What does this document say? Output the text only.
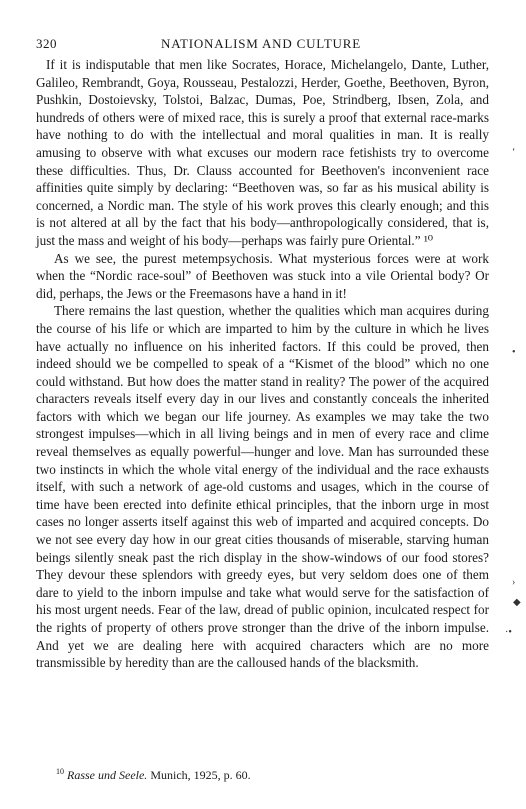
320	NATIONALISM AND CULTURE

If it is indisputable that men like Socrates, Horace, Michelangelo, Dante, Luther, Galileo, Rembrandt, Goya, Rousseau, Pestalozzi, Herder, Goethe, Beethoven, Byron, Pushkin, Dostoievsky, Tolstoi, Balzac, Dumas, Poe, Strindberg, Ibsen, Zola, and hundreds of others were of mixed race, this is surely a proof that external race-marks have nothing to do with the intellectual and moral qualities in man. It is really amusing to observe with what excuses our modern race fetishists try to overcome these difficulties. Thus, Dr. Clauss accounted for Beethoven's inconvenient race affinities quite simply by declaring: “Beethoven was, so far as his musical ability is concerned, a Nordic man. The style of his work proves this clearly enough; and this is not altered at all by the fact that his body—anthropologically considered, that is, just the mass and weight of his body—perhaps was fairly pure Oriental.” ¹⁰

As we see, the purest metempsychosis. What mysterious forces were at work when the “Nordic race-soul” of Beethoven was stuck into a vile Oriental body? Or did, perhaps, the Jews or the Freemasons have a hand in it!

There remains the last question, whether the qualities which man acquires during the course of his life or which are imparted to him by the culture in which he lives have actually no influence on his inherited factors. If this could be proved, then indeed should we be compelled to speak of a “Kismet of the blood” which no one could withstand. But how does the matter stand in reality? The power of the acquired characters reveals itself every day in our lives and constantly conceals the inherited factors with which we began our life journey. As examples we may take the two strongest impulses—which in all living beings and in men of every race and clime reveal themselves as equally powerful—hunger and love. Man has surrounded these two instincts in which the whole vital energy of the individual and the race exhausts itself, with such a network of age-old customs and usages, which in the course of time have been erected into definite ethical principles, that the inborn urge in most cases no longer asserts itself against this web of imparted and acquired concepts. Do we not see every day how in our great cities thousands of miserable, starving human beings silently sneak past the rich display in the show-windows of our food stores? They devour these splendors with greedy eyes, but very seldom does one of them dare to yield to the inborn impulse and take what would serve for the satisfaction of his most urgent needs. Fear of the law, dread of public opinion, inculcated respect for the rights of property of others prove stronger than the drive of the inborn impulse. And yet we are dealing here with acquired characters which are no more transmissible by heredity than are the calloused hands of the blacksmith.

$^{10}$ Rasse und Seele. Munich, 1925, p. 60.
‘
•
›
◆
·•
